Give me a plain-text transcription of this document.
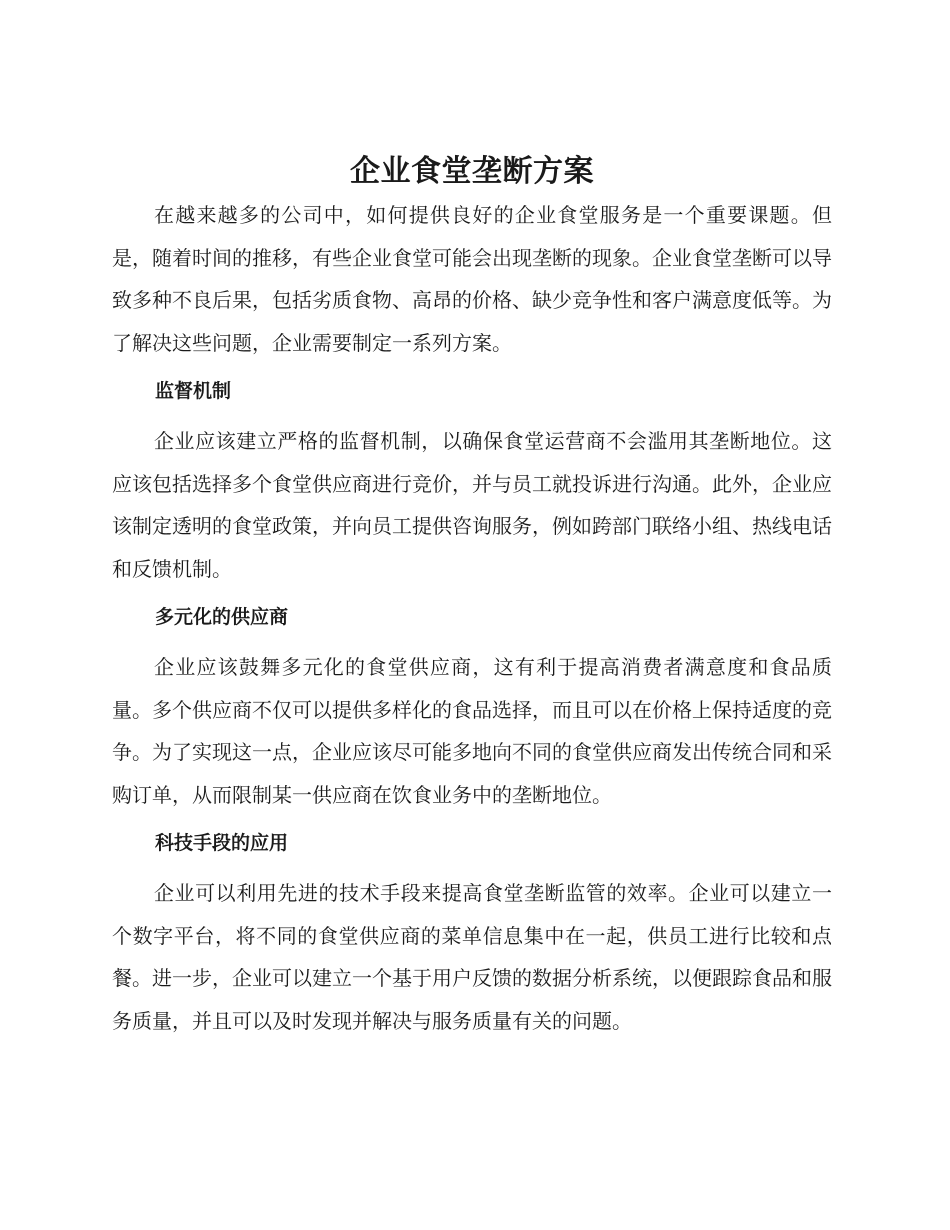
企业食堂垄断方案

在越来越多的公司中，如何提供良好的企业食堂服务是一个重要课题。但是，随着时间的推移，有些企业食堂可能会出现垄断的现象。企业食堂垄断可以导致多种不良后果，包括劣质食物、高昂的价格、缺少竞争性和客户满意度低等。为了解决这些问题，企业需要制定一系列方案。

监督机制

企业应该建立严格的监督机制，以确保食堂运营商不会滥用其垄断地位。这应该包括选择多个食堂供应商进行竞价，并与员工就投诉进行沟通。此外，企业应该制定透明的食堂政策，并向员工提供咨询服务，例如跨部门联络小组、热线电话和反馈机制。

多元化的供应商

企业应该鼓舞多元化的食堂供应商，这有利于提高消费者满意度和食品质量。多个供应商不仅可以提供多样化的食品选择，而且可以在价格上保持适度的竞争。为了实现这一点，企业应该尽可能多地向不同的食堂供应商发出传统合同和采购订单，从而限制某一供应商在饮食业务中的垄断地位。

科技手段的应用

企业可以利用先进的技术手段来提高食堂垄断监管的效率。企业可以建立一个数字平台，将不同的食堂供应商的菜单信息集中在一起，供员工进行比较和点餐。进一步，企业可以建立一个基于用户反馈的数据分析系统，以便跟踪食品和服务质量，并且可以及时发现并解决与服务质量有关的问题。
